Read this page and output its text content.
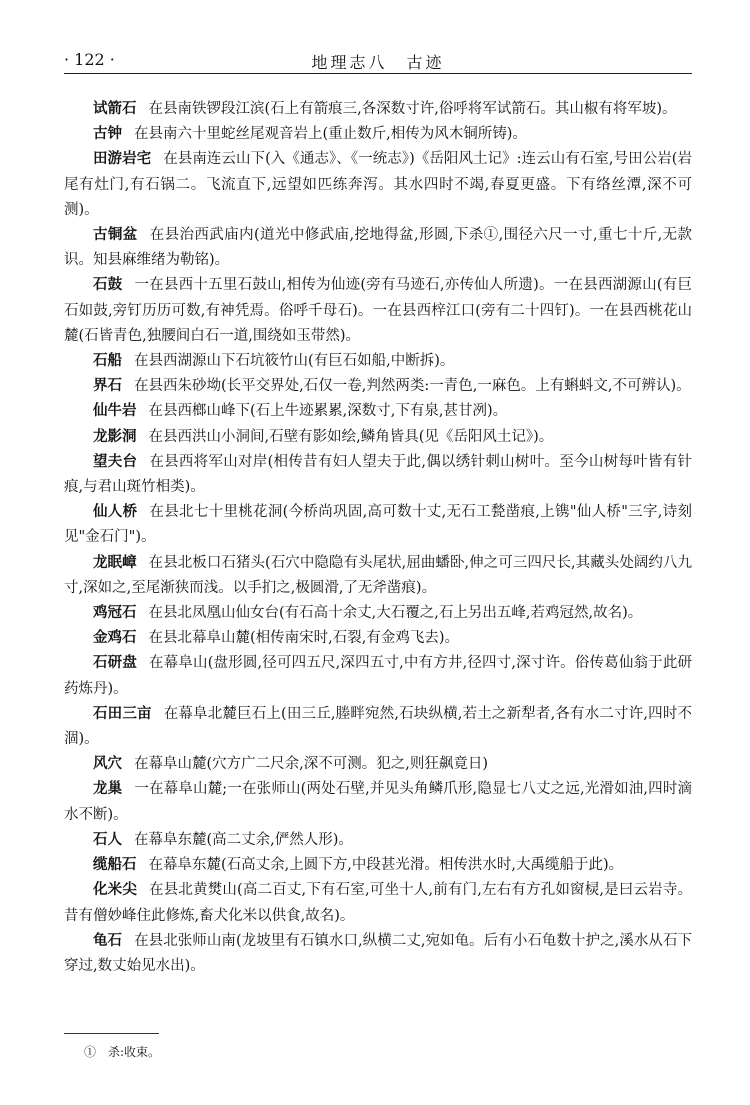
· 122 ·	地理志八　古迹

试箭石 在县南铁锣段江滨(石上有箭痕三,各深数寸许,俗呼将军试箭石。其山椒有将军坡)。

古钟 在县南六十里蛇丝尾观音岩上(重止数斤,相传为风木铜所铸)。

田游岩宅 在县南连云山下(入《通志》、《一统志》)《岳阳风土记》:连云山有石室,号田公岩(岩尾有灶门,有石锅二。飞流直下,远望如匹练奔泻。其水四时不竭,春夏更盛。下有络丝潭,深不可测)。

古铜盆 在县治西武庙内(道光中修武庙,挖地得盆,形圆,下杀①,围径六尺一寸,重七十斤,无款识。知县麻维绪为勒铭)。

石鼓 一在县西十五里石鼓山,相传为仙迹(旁有马迹石,亦传仙人所遗)。一在县西湖源山(有巨石如鼓,旁钉历历可数,有神凭焉。俗呼千母石)。一在县西梓江口(旁有二十四钉)。一在县西桃花山麓(石皆青色,独腰间白石一道,围绕如玉带然)。

石船 在县西湖源山下石坑筱竹山(有巨石如船,中断拆)。

界石 在县西朱砂坳(长平交界处,石仅一卷,判然两类:一青色,一麻色。上有蝌蚪文,不可辨认)。

仙牛岩 在县西榔山峰下(石上牛迹累累,深数寸,下有泉,甚甘冽)。

龙影洞 在县西洪山小洞间,石壁有影如绘,鳞角皆具(见《岳阳风土记》)。

望夫台 在县西将军山对岸(相传昔有妇人望夫于此,偶以绣针刺山树叶。至今山树每叶皆有针痕,与君山斑竹相类)。

仙人桥 在县北七十里桃花洞(今桥尚巩固,高可数十丈,无石工甃凿痕,上镌"仙人桥"三字,诗刻见"金石门")。

龙眠嶂 在县北板口石猪头(石穴中隐隐有头尾状,屈曲蟠卧,伸之可三四尺长,其藏头处阔约八九寸,深如之,至尾渐狭而浅。以手扪之,极圆滑,了无斧凿痕)。

鸡冠石 在县北凤凰山仙女台(有石高十余丈,大石覆之,石上另出五峰,若鸡冠然,故名)。

金鸡石 在县北幕阜山麓(相传南宋时,石裂,有金鸡飞去)。

石研盘 在幕阜山(盘形圆,径可四五尺,深四五寸,中有方井,径四寸,深寸许。俗传葛仙翁于此研药炼丹)。

石田三亩 在幕阜北麓巨石上(田三丘,塍畔宛然,石块纵横,若土之新犁者,各有水二寸许,四时不涸)。

风穴 在幕阜山麓(穴方广二尺余,深不可测。犯之,则狂飙竟日)

龙巢 一在幕阜山麓;一在张师山(两处石壁,并见头角鳞爪形,隐显七八丈之远,光滑如油,四时滴水不断)。

石人 在幕阜东麓(高二丈余,俨然人形)。

缆船石 在幕阜东麓(石高丈余,上圆下方,中段甚光滑。相传洪水时,大禹缆船于此)。

化米尖 在县北黄燓山(高二百丈,下有石室,可坐十人,前有门,左右有方孔如窗棂,是曰云岩寺。昔有僧妙峰住此修炼,畜犬化米以供食,故名)。

龟石 在县北张师山南(龙坡里有石镇水口,纵横二丈,宛如龟。后有小石龟数十护之,溪水从石下穿过,数丈始见水出)。

①　杀:收束。
